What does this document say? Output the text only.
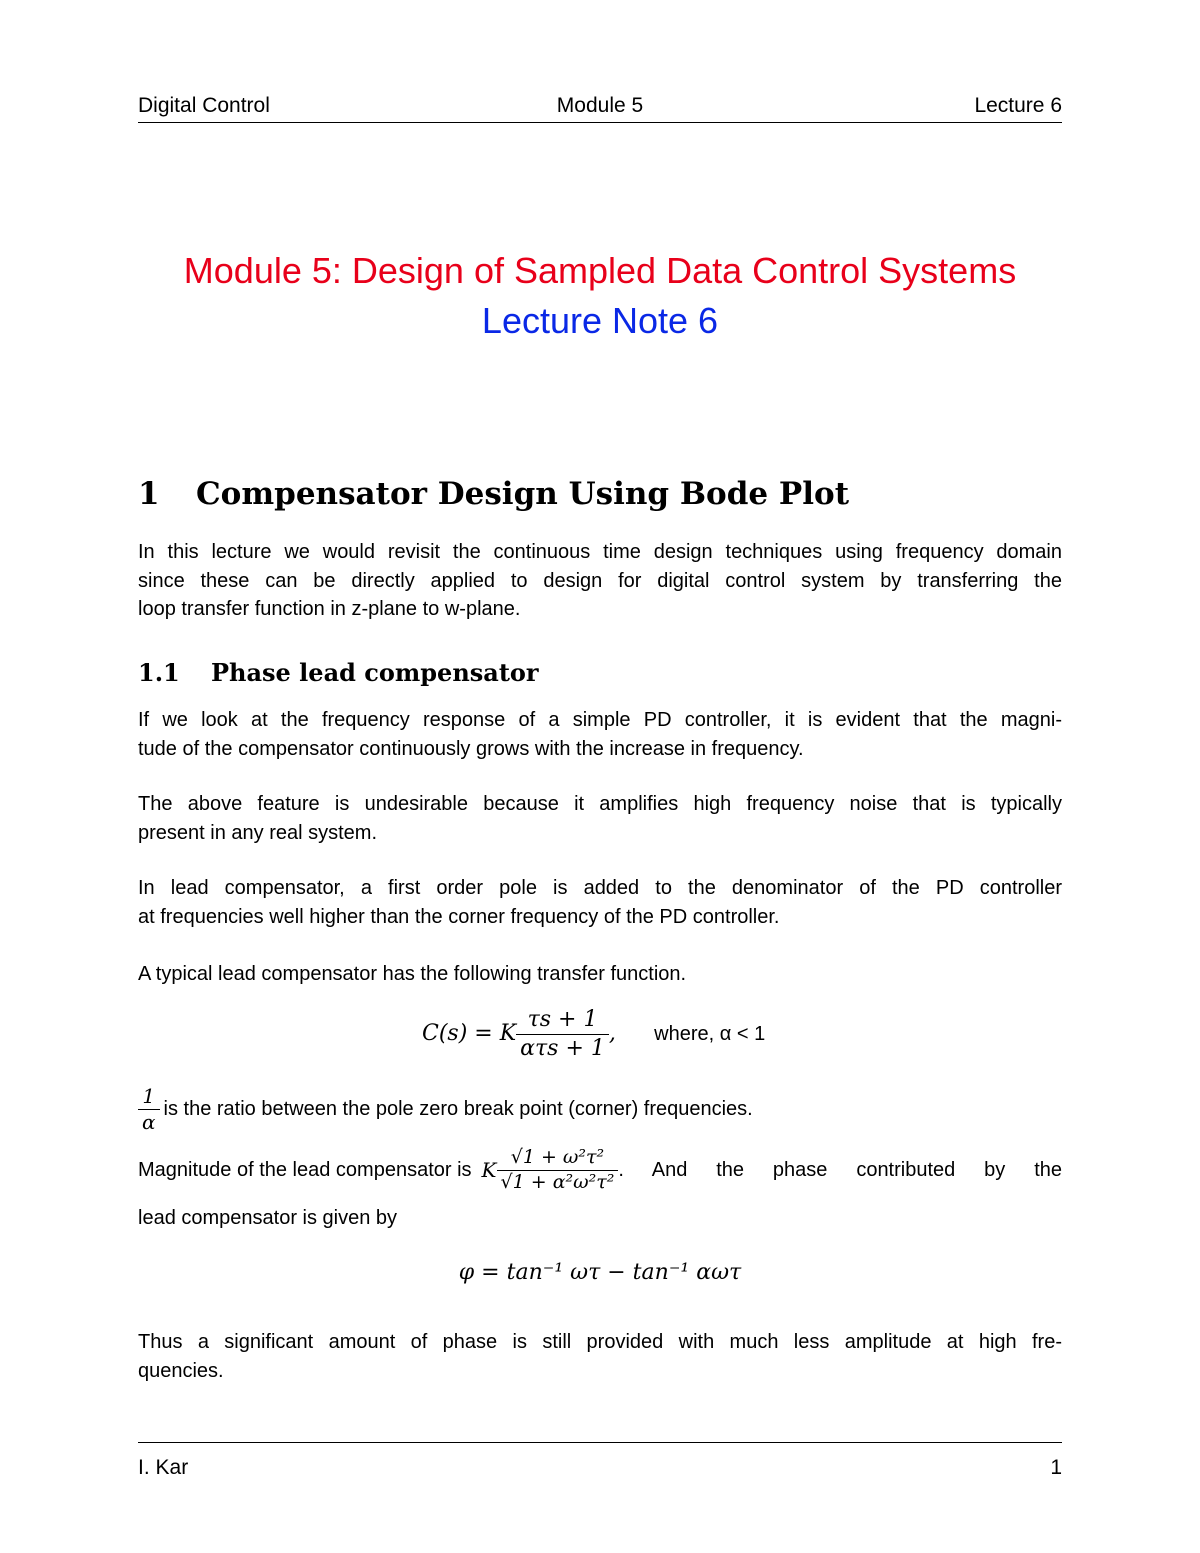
Digital Control	Module 5	Lecture 6
Module 5: Design of Sampled Data Control Systems
Lecture Note 6
1 Compensator Design Using Bode Plot
In this lecture we would revisit the continuous time design techniques using frequency domain
since these can be directly applied to design for digital control system by transferring the
loop transfer function in z-plane to w-plane.
1.1 Phase lead compensator
If we look at the frequency response of a simple PD controller, it is evident that the magni-
tude of the compensator continuously grows with the increase in frequency.
The above feature is undesirable because it amplifies high frequency noise that is typically
present in any real system.
In lead compensator, a first order pole is added to the denominator of the PD controller
at frequencies well higher than the corner frequency of the PD controller.
A typical lead compensator has the following transfer function.
C(s) = K $\frac{\tau s + 1}{\text{ατs + 1}}$ , where, α < 1
$\frac{1}{\alpha}$ is the ratio between the pole zero break point (corner) frequencies.
Magnitude of the lead compensator is K $\frac{\text{√1 + ω²τ²}}{\text{√1 + α²ω²τ²}}$ . And the phase contributed by the
lead compensator is given by
φ = tan⁻¹ ωτ − tan⁻¹ αωτ
Thus a significant amount of phase is still provided with much less amplitude at high fre-
quencies.
I. Kar	1
